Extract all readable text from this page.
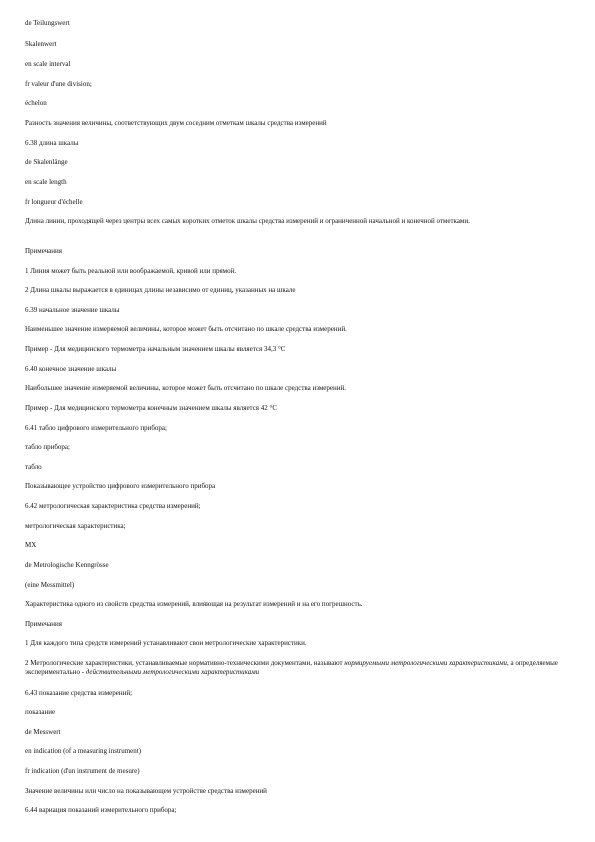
de Teilungswert
Skalenwert
en scale interval
fr valeur d'une division;
échelon
Разность значения величины, соответствующих двум соседним отметкам шкалы средства измерений
6.38 длина шкалы
de Skalenlänge
en scale length
fr longueur d'échelle
Длина линии, проходящей через центры всех самых коротких отметок шкалы средства измерений и ограниченной начальной и конечной отметками.
Примечания
1 Линия может быть реальной или воображаемой, кривой или прямой.
2 Длина шкалы выражается в единицах длины независимо от единиц, указанных на шкале
6.39 начальное значение шкалы
Наименьшее значение измеряемой величины, которое может быть отсчитано по шкале средства измерений.
Пример - Для медицинского термометра начальным значением шкалы является 34,3 °С
6.40 конечное значение шкалы
Наибольшее значение измеряемой величины, которое может быть отсчитано по шкале средства измерений.
Пример - Для медицинского термометра конечным значением шкалы является 42 °С
6.41 табло цифрового измерительного прибора;
табло прибора;
табло
Показывающее устройство цифрового измерительного прибора
6.42 метрологическая характеристика средства измерений;
метрологическая характеристика;
MX
de Metrologische Kenngrösse
(eine Messmittel)
Характеристика одного из свойств средства измерений, влияющая на результат измерений и на его погрешность.
Примечания
1 Для каждого типа средств измерений устанавливают свои метрологические характеристики.
2 Метрологические характеристики, устанавливаемые нормативно-техническими документами, называют нормируемыми метрологическими характеристиками, а определяемые экспериментально - действительными метрологическими характеристиками
6.43 показание средства измерений;
показание
de Messwert
en indication (of a measuring instrument)
fr indication (d'un instrument de mesure)
Значение величины или число на показывающем устройстве средства измерений
6.44 вариация показаний измерительного прибора;
